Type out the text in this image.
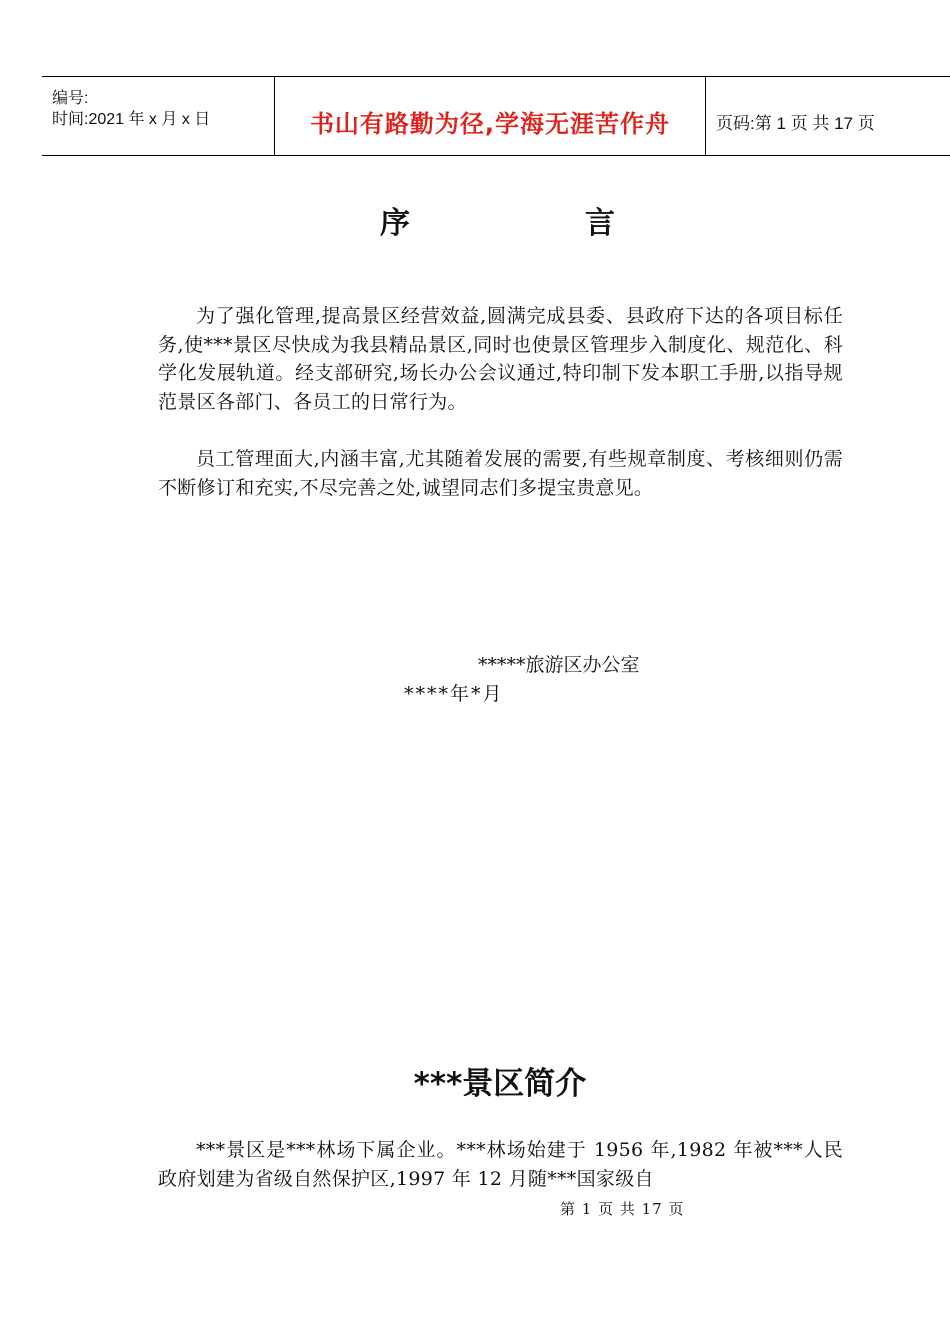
编号:
时间:2021 年 x 月 x 日	书山有路勤为径,学海无涯苦作舟	页码:第 1 页 共 17 页
序	言
为了强化管理,提高景区经营效益,圆满完成县委、县政府下达的各项目标任务,使***景区尽快成为我县精品景区,同时也使景区管理步入制度化、规范化、科学化发展轨道。经支部研究,场长办公会议通过,特印制下发本职工手册,以指导规范景区各部门、各员工的日常行为。
员工管理面大,内涵丰富,尤其随着发展的需要,有些规章制度、考核细则仍需不断修订和充实,不尽完善之处,诚望同志们多提宝贵意见。
*****旅游区办公室
****年*月
***景区简介
***景区是***林场下属企业。***林场始建于 1956 年,1982 年被***人民政府划建为省级自然保护区,1997 年 12 月随***国家级自
第 1 页 共 17 页
